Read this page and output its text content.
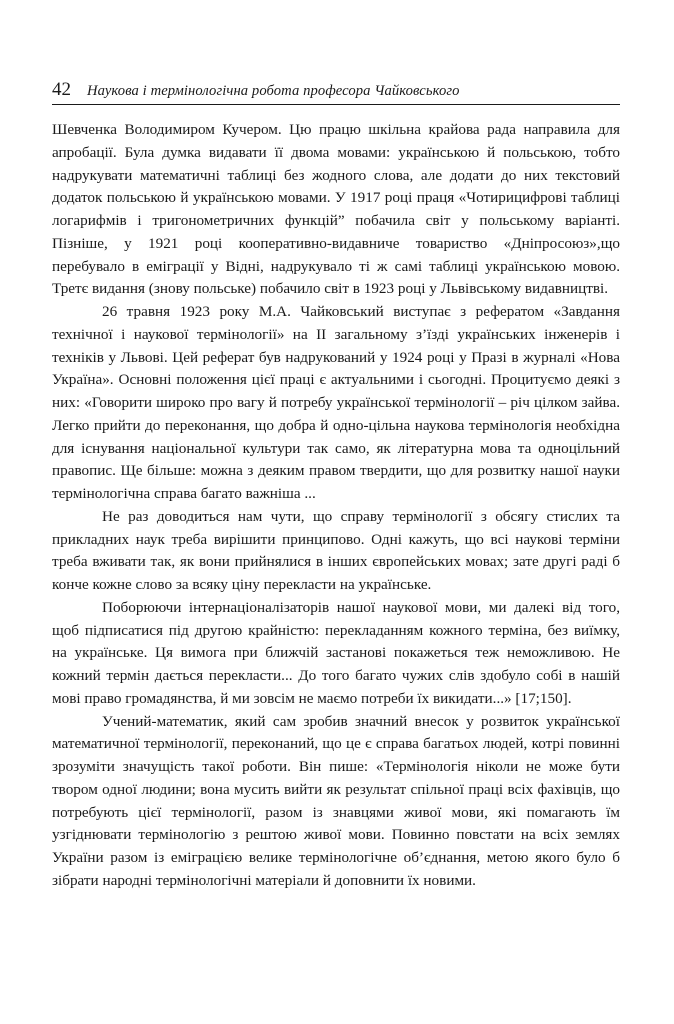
42 Наукова і термінологічна робота професора Чайковського

Шевченка Володимиром Кучером. Цю працю шкільна крайова рада направила для апробації. Була думка видавати її двома мовами: українською й польською, тобто надрукувати математичні таблиці без жодного слова, але додати до них текстовий додаток польською й українською мовами. У 1917 році праця «Чотирицифрові таблиці логарифмів і тригонометричних функцій” побачила світ у польському варіанті. Пізніше, у 1921 році кооперативно-видавниче товариство «Дніпросоюз»,що перебувало в еміграції у Відні, надрукувало ті ж самі таблиці українською мовою. Третє видання (знову польське) побачило світ в 1923 році у Львівському видавництві.

26 травня 1923 року М.А. Чайковський виступає з рефератом «Завдання технічної і наукової термінології» на II загальному з’їзді українських інженерів і техніків у Львові. Цей реферат був надрукований у 1924 році у Празі в журналі «Нова Україна». Основні положення цієї праці є актуальними і сьогодні. Процитуємо деякі з них: «Говорити широко про вагу й потребу української термінології – річ цілком зайва. Легко прийти до переконання, що добра й одно-цільна наукова термінологія необхідна для існування національної культури так само, як літературна мова та одноцільний правопис. Ще більше: можна з деяким правом твердити, що для розвитку нашої науки термінологічна справа багато важніша ...

Не раз доводиться нам чути, що справу термінології з обсягу стислих та прикладних наук треба вирішити принципово. Одні кажуть, що всі наукові терміни треба вживати так, як вони прийнялися в інших європейських мовах; зате другі раді б конче кожне слово за всяку ціну перекласти на українське.

Поборюючи інтернаціоналізаторів нашої наукової мови, ми далекі від того, щоб підписатися під другою крайністю: перекладанням кожного терміна, без виїмку, на українське. Ця вимога при ближчій застанові покажеться теж неможливою. Не кожний термін дається перекласти... До того багато чужих слів здобуло собі в нашій мові право громадянства, й ми зовсім не маємо потреби їх викидати...» [17;150].

Учений-математик, який сам зробив значний внесок у розвиток української математичної термінології, переконаний, що це є справа багатьох людей, котрі повинні зрозуміти значущість такої роботи. Він пише: «Термінологія ніколи не може бути твором одної людини; вона мусить вийти як результат спільної праці всіх фахівців, що потребують цієї термінології, разом із знавцями живої мови, які помагають їм узгіднювати термінологію з рештою живої мови. Повинно повстати на всіх землях України разом із еміграцією велике термінологічне об’єднання, метою якого було б зібрати народні термінологічні матеріали й доповнити їх новими.
